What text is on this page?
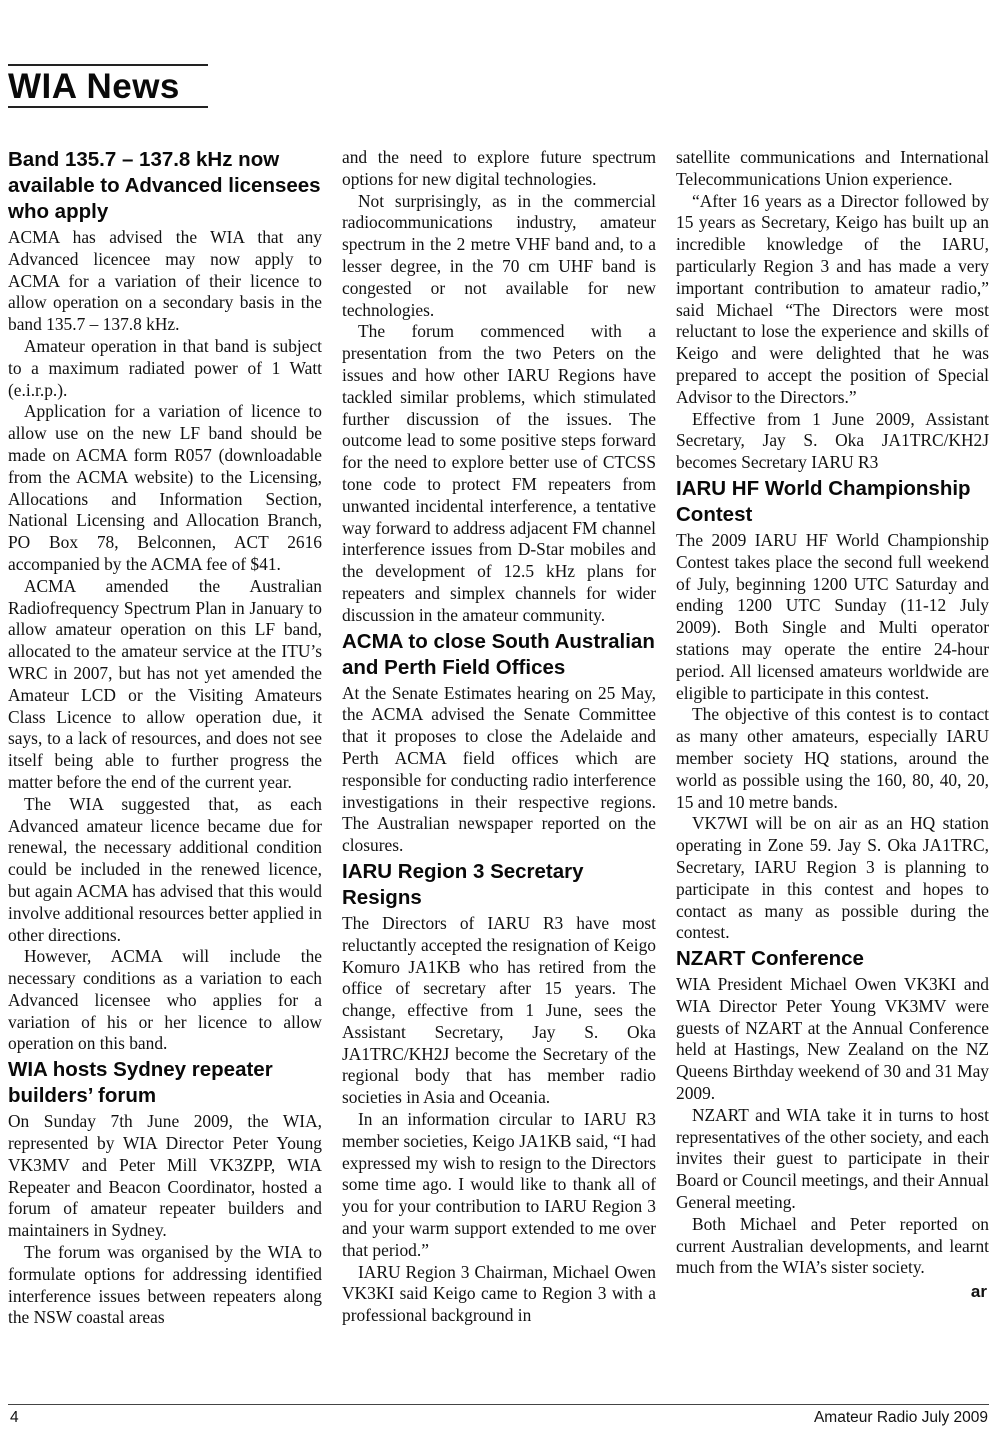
WIA News
Band 135.7 – 137.8 kHz now available to Advanced licensees who apply

ACMA has advised the WIA that any Advanced licencee may now apply to ACMA for a variation of their licence to allow operation on a secondary basis in the band 135.7 – 137.8 kHz.

Amateur operation in that band is subject to a maximum radiated power of 1 Watt (e.i.r.p.).

Application for a variation of licence to allow use on the new LF band should be made on ACMA form R057 (downloadable from the ACMA website) to the Licensing, Allocations and Information Section, National Licensing and Allocation Branch, PO Box 78, Belconnen, ACT 2616 accompanied by the ACMA fee of $41.

ACMA amended the Australian Radiofrequency Spectrum Plan in January to allow amateur operation on this LF band, allocated to the amateur service at the ITU’s WRC in 2007, but has not yet amended the Amateur LCD or the Visiting Amateurs Class Licence to allow operation due, it says, to a lack of resources, and does not see itself being able to further progress the matter before the end of the current year.

The WIA suggested that, as each Advanced amateur licence became due for renewal, the necessary additional condition could be included in the renewed licence, but again ACMA has advised that this would involve additional resources better applied in other directions.

However, ACMA will include the necessary conditions as a variation to each Advanced licensee who applies for a variation of his or her licence to allow operation on this band.

WIA hosts Sydney repeater builders’ forum

On Sunday 7th June 2009, the WIA, represented by WIA Director Peter Young VK3MV and Peter Mill VK3ZPP, WIA Repeater and Beacon Coordinator, hosted a forum of amateur repeater builders and maintainers in Sydney.

The forum was organised by the WIA to formulate options for addressing identified interference issues between repeaters along the NSW coastal areas

and the need to explore future spectrum options for new digital technologies.

Not surprisingly, as in the commercial radiocommunications industry, amateur spectrum in the 2 metre VHF band and, to a lesser degree, in the 70 cm UHF band is congested or not available for new technologies.

The forum commenced with a presentation from the two Peters on the issues and how other IARU Regions have tackled similar problems, which stimulated further discussion of the issues. The outcome lead to some positive steps forward for the need to explore better use of CTCSS tone code to protect FM repeaters from unwanted incidental interference, a tentative way forward to address adjacent FM channel interference issues from D-Star mobiles and the development of 12.5 kHz plans for repeaters and simplex channels for wider discussion in the amateur community.

ACMA to close South Australian and Perth Field Offices

At the Senate Estimates hearing on 25 May, the ACMA advised the Senate Committee that it proposes to close the Adelaide and Perth ACMA field offices which are responsible for conducting radio interference investigations in their respective regions. The Australian newspaper reported on the closures.

IARU Region 3 Secretary Resigns

The Directors of IARU R3 have most reluctantly accepted the resignation of Keigo Komuro JA1KB who has retired from the office of secretary after 15 years. The change, effective from 1 June, sees the Assistant Secretary, Jay S. Oka JA1TRC/KH2J become the Secretary of the regional body that has member radio societies in Asia and Oceania.

In an information circular to IARU R3 member societies, Keigo JA1KB said, “I had expressed my wish to resign to the Directors some time ago. I would like to thank all of you for your contribution to IARU Region 3 and your warm support extended to me over that period.”

IARU Region 3 Chairman, Michael Owen VK3KI said Keigo came to Region 3 with a professional background in

satellite communications and International Telecommunications Union experience.

“After 16 years as a Director followed by 15 years as Secretary, Keigo has built up an incredible knowledge of the IARU, particularly Region 3 and has made a very important contribution to amateur radio,” said Michael “The Directors were most reluctant to lose the experience and skills of Keigo and were delighted that he was prepared to accept the position of Special Advisor to the Directors.”

Effective from 1 June 2009, Assistant Secretary, Jay S. Oka JA1TRC/KH2J becomes Secretary IARU R3

IARU HF World Championship Contest

The 2009 IARU HF World Championship Contest takes place the second full weekend of July, beginning 1200 UTC Saturday and ending 1200 UTC Sunday (11-12 July 2009). Both Single and Multi operator stations may operate the entire 24-hour period. All licensed amateurs worldwide are eligible to participate in this contest.

The objective of this contest is to contact as many other amateurs, especially IARU member society HQ stations, around the world as possible using the 160, 80, 40, 20, 15 and 10 metre bands.

VK7WI will be on air as an HQ station operating in Zone 59. Jay S. Oka JA1TRC, Secretary, IARU Region 3 is planning to participate in this contest and hopes to contact as many as possible during the contest.

NZART Conference

WIA President Michael Owen VK3KI and WIA Director Peter Young VK3MV were guests of NZART at the Annual Conference held at Hastings, New Zealand on the NZ Queens Birthday weekend of 30 and 31 May 2009.

NZART and WIA take it in turns to host representatives of the other society, and each invites their guest to participate in their Board or Council meetings, and their Annual General meeting.

Both Michael and Peter reported on current Australian developments, and learnt much from the WIA’s sister society.

ar
4	Amateur Radio July 2009
